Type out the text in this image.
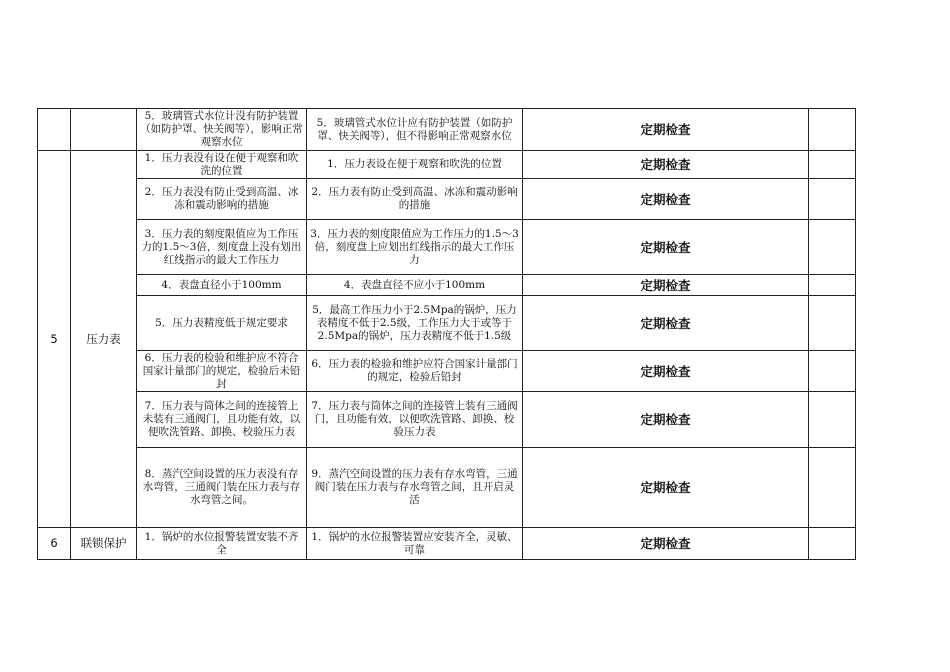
		5．玻璃管式水位计没有防护装置（如防护罩、快关阀等），影响正常观察水位	5．玻璃管式水位计应有防护装置（如防护罩、快关阀等），但不得影响正常观察水位	定期检查	
5	压力表	1．压力表没有设在便于观察和吹洗的位置	1．压力表设在便于观察和吹洗的位置	定期检查	
		2．压力表没有防止受到高温、冰冻和震动影响的措施	2．压力表有防止受到高温、冰冻和震动影响的措施	定期检查	
		3．压力表的刻度限值应为工作压力的1.5～3倍，刻度盘上没有划出红线指示的最大工作压力	3．压力表的刻度限值应为工作压力的1.5～3倍，刻度盘上应划出红线指示的最大工作压力	定期检查	
		4．表盘直径小于100mm	4．表盘直径不应小于100mm	定期检查	
		5．压力表精度低于规定要求	5．最高工作压力小于2.5Mpa的锅炉，压力表精度不低于2.5级，工作压力大于或等于2.5Mpa的锅炉，压力表精度不低于1.5级	定期检查	
		6．压力表的检验和维护应不符合国家计量部门的规定，检验后未铅封	6．压力表的检验和维护应符合国家计量部门的规定，检验后铅封	定期检查	
		7．压力表与筒体之间的连接管上未装有三通阀门，且功能有效，以便吹洗管路、卸换、校验压力表	7．压力表与筒体之间的连接管上装有三通阀门，且功能有效，以便吹洗管路、卸换、校验压力表	定期检查	
		8．蒸汽空间设置的压力表没有存水弯管，三通阀门装在压力表与存水弯管之间。	9．蒸汽空间设置的压力表有存水弯管，三通阀门装在压力表与存水弯管之间，且开启灵活	定期检查	
6	联锁保护	1．锅炉的水位报警装置安装不齐全	1．锅炉的水位报警装置应安装齐全，灵敏、可靠	定期检查	
